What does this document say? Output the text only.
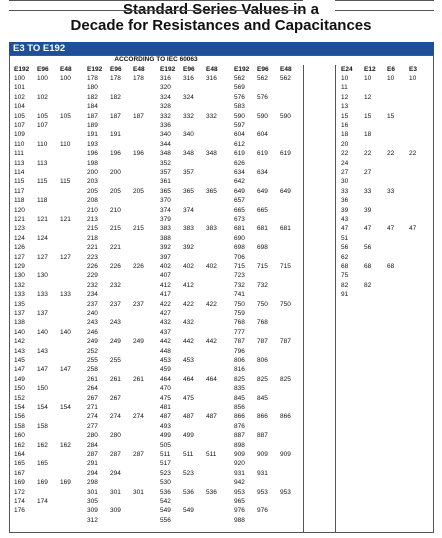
Standard Series Values in a
Decade for Resistances and Capacitances
E3 TO E192
ACCORDING TO IEC 60063
E192 E96 E48 E192 E96 E48 E192 E96 E48	E192 E96 E48
100 100 100
101
102 102
104
105 105 105
107 107
109
110 110 110
111
113 113
114
115 115 115
117
118 118
120
121 121 121
123
124 124
126
127 127 127
129
130 130
132
133 133 133
135
137 137
138
140 140 140
142
143 143
145
147 147 147
149
150 150
152
154 154 154
156
158 158
160
162 162 162
164
165 165
167
169 169 169
172
174 174
176
178 178 178
180
182 182
184
187 187 187
189
191 191
193
196 196 196
198
200 200
203
205 205 205
208
210 210
213
215 215 215
218
221 221
223
226 226 226
229
232 232
234
237 237 237
240
243 243
246
249 249 249
252
255 255
258
261 261 261
264
267 267
271
274 274 274
277
280 280
284
287 287 287
291
294 294
298
301 301 301
305
309 309
312
316 316 316
320
324 324
328
332 332 332
336
340 340
344
348 348 348
352
357 357
361
365 365 365
370
374 374
379
383 383 383
388
392 392
397
402 402 402
407
412 412
417
422 422 422
427
432 432
437
442 442 442
448
453 453
459
464 464 464
470
475 475
481
487 487 487
493
499 499
505
511 511 511
517
523 523
530
536 536 536
542
549 549
556
562 562 562
569
576 576
583
590 590 590
597
604 604
612
619 619 619
626
634 634
642
649 649 649
657
665 665
673
681 681 681
690
698 698
706
715 715 715
723
732 732
741
750 750 750
759
768 768
777
787 787 787
796
806 806
816
825 825 825
835
845 845
856
866 866 866
876
887 887
898
909 909 909
920
931 931
942
953 953 953
965
976 976
988
E24 E12 E6 E3
10 10 10 10
11
12 12
13
15 15 15
16
18 18
20
22 22 22 22
24
27 27
30
33 33 33
36
39 39
43
47 47 47 47
51
56 56
62
68 68 68
75
82 82
91
